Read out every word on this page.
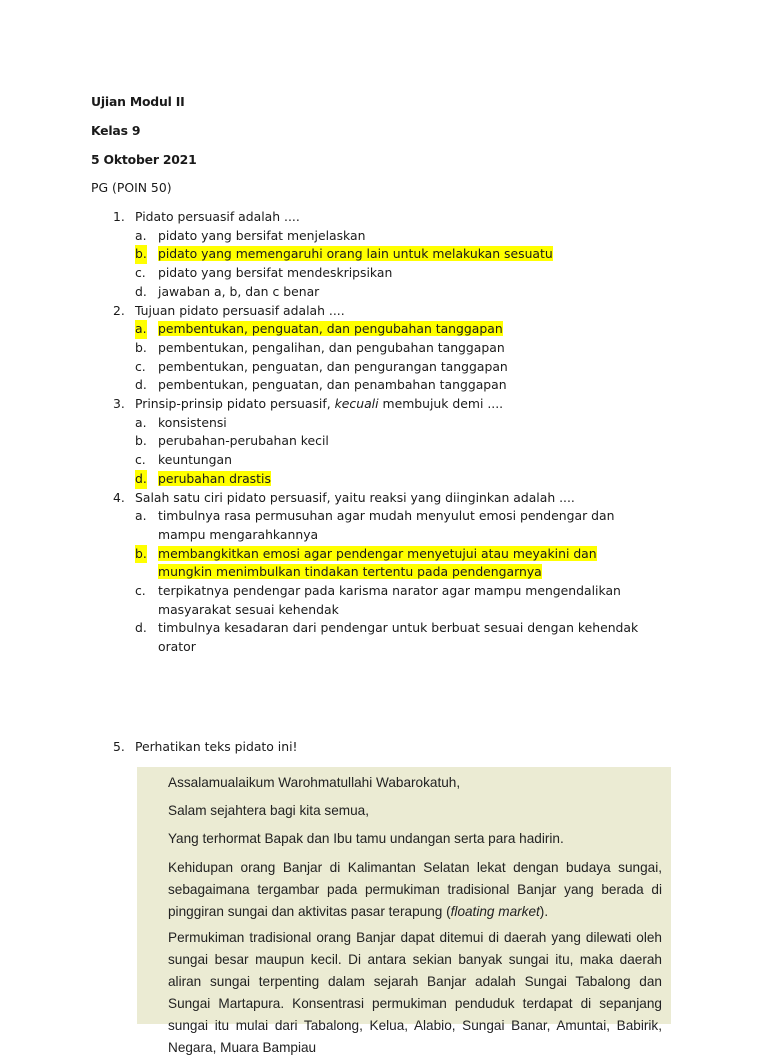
Ujian Modul II
Kelas 9
5 Oktober 2021
PG (POIN 50)
1. Pidato persuasif adalah ....
a. pidato yang bersifat menjelaskan
b. pidato yang memengaruhi orang lain untuk melakukan sesuatu
c. pidato yang bersifat mendeskripsikan
d. jawaban a, b, dan c benar
2. Tujuan pidato persuasif adalah ....
a. pembentukan, penguatan, dan pengubahan tanggapan
b. pembentukan, pengalihan, dan pengubahan tanggapan
c. pembentukan, penguatan, dan pengurangan tanggapan
d. pembentukan, penguatan, dan penambahan tanggapan
3. Prinsip-prinsip pidato persuasif, kecuali membujuk demi ....
a. konsistensi
b. perubahan-perubahan kecil
c. keuntungan
d. perubahan drastis
4. Salah satu ciri pidato persuasif, yaitu reaksi yang diinginkan adalah ....
a. timbulnya rasa permusuhan agar mudah menyulut emosi pendengar dan mampu mengarahkannya
b. membangkitkan emosi agar pendengar menyetujui atau meyakini dan mungkin menimbulkan tindakan tertentu pada pendengarnya
c. terpikatnya pendengar pada karisma narator agar mampu mengendalikan masyarakat sesuai kehendak
d. timbulnya kesadaran dari pendengar untuk berbuat sesuai dengan kehendak orator
5. Perhatikan teks pidato ini!

Assalamualaikum Warohmatullahi Wabarokatuh,

Salam sejahtera bagi kita semua,

Yang terhormat Bapak dan Ibu tamu undangan serta para hadirin.

Kehidupan orang Banjar di Kalimantan Selatan lekat dengan budaya sungai, sebagaimana tergambar pada permukiman tradisional Banjar yang berada di pinggiran sungai dan aktivitas pasar terapung (floating market).

Permukiman tradisional orang Banjar dapat ditemui di daerah yang dilewati oleh sungai besar maupun kecil. Di antara sekian banyak sungai itu, maka daerah aliran sungai terpenting dalam sejarah Banjar adalah Sungai Tabalong dan Sungai Martapura. Konsentrasi permukiman penduduk terdapat di sepanjang sungai itu mulai dari Tabalong, Kelua, Alabio, Sungai Banar, Amuntai, Babirik, Negara, Muara Bampiau
